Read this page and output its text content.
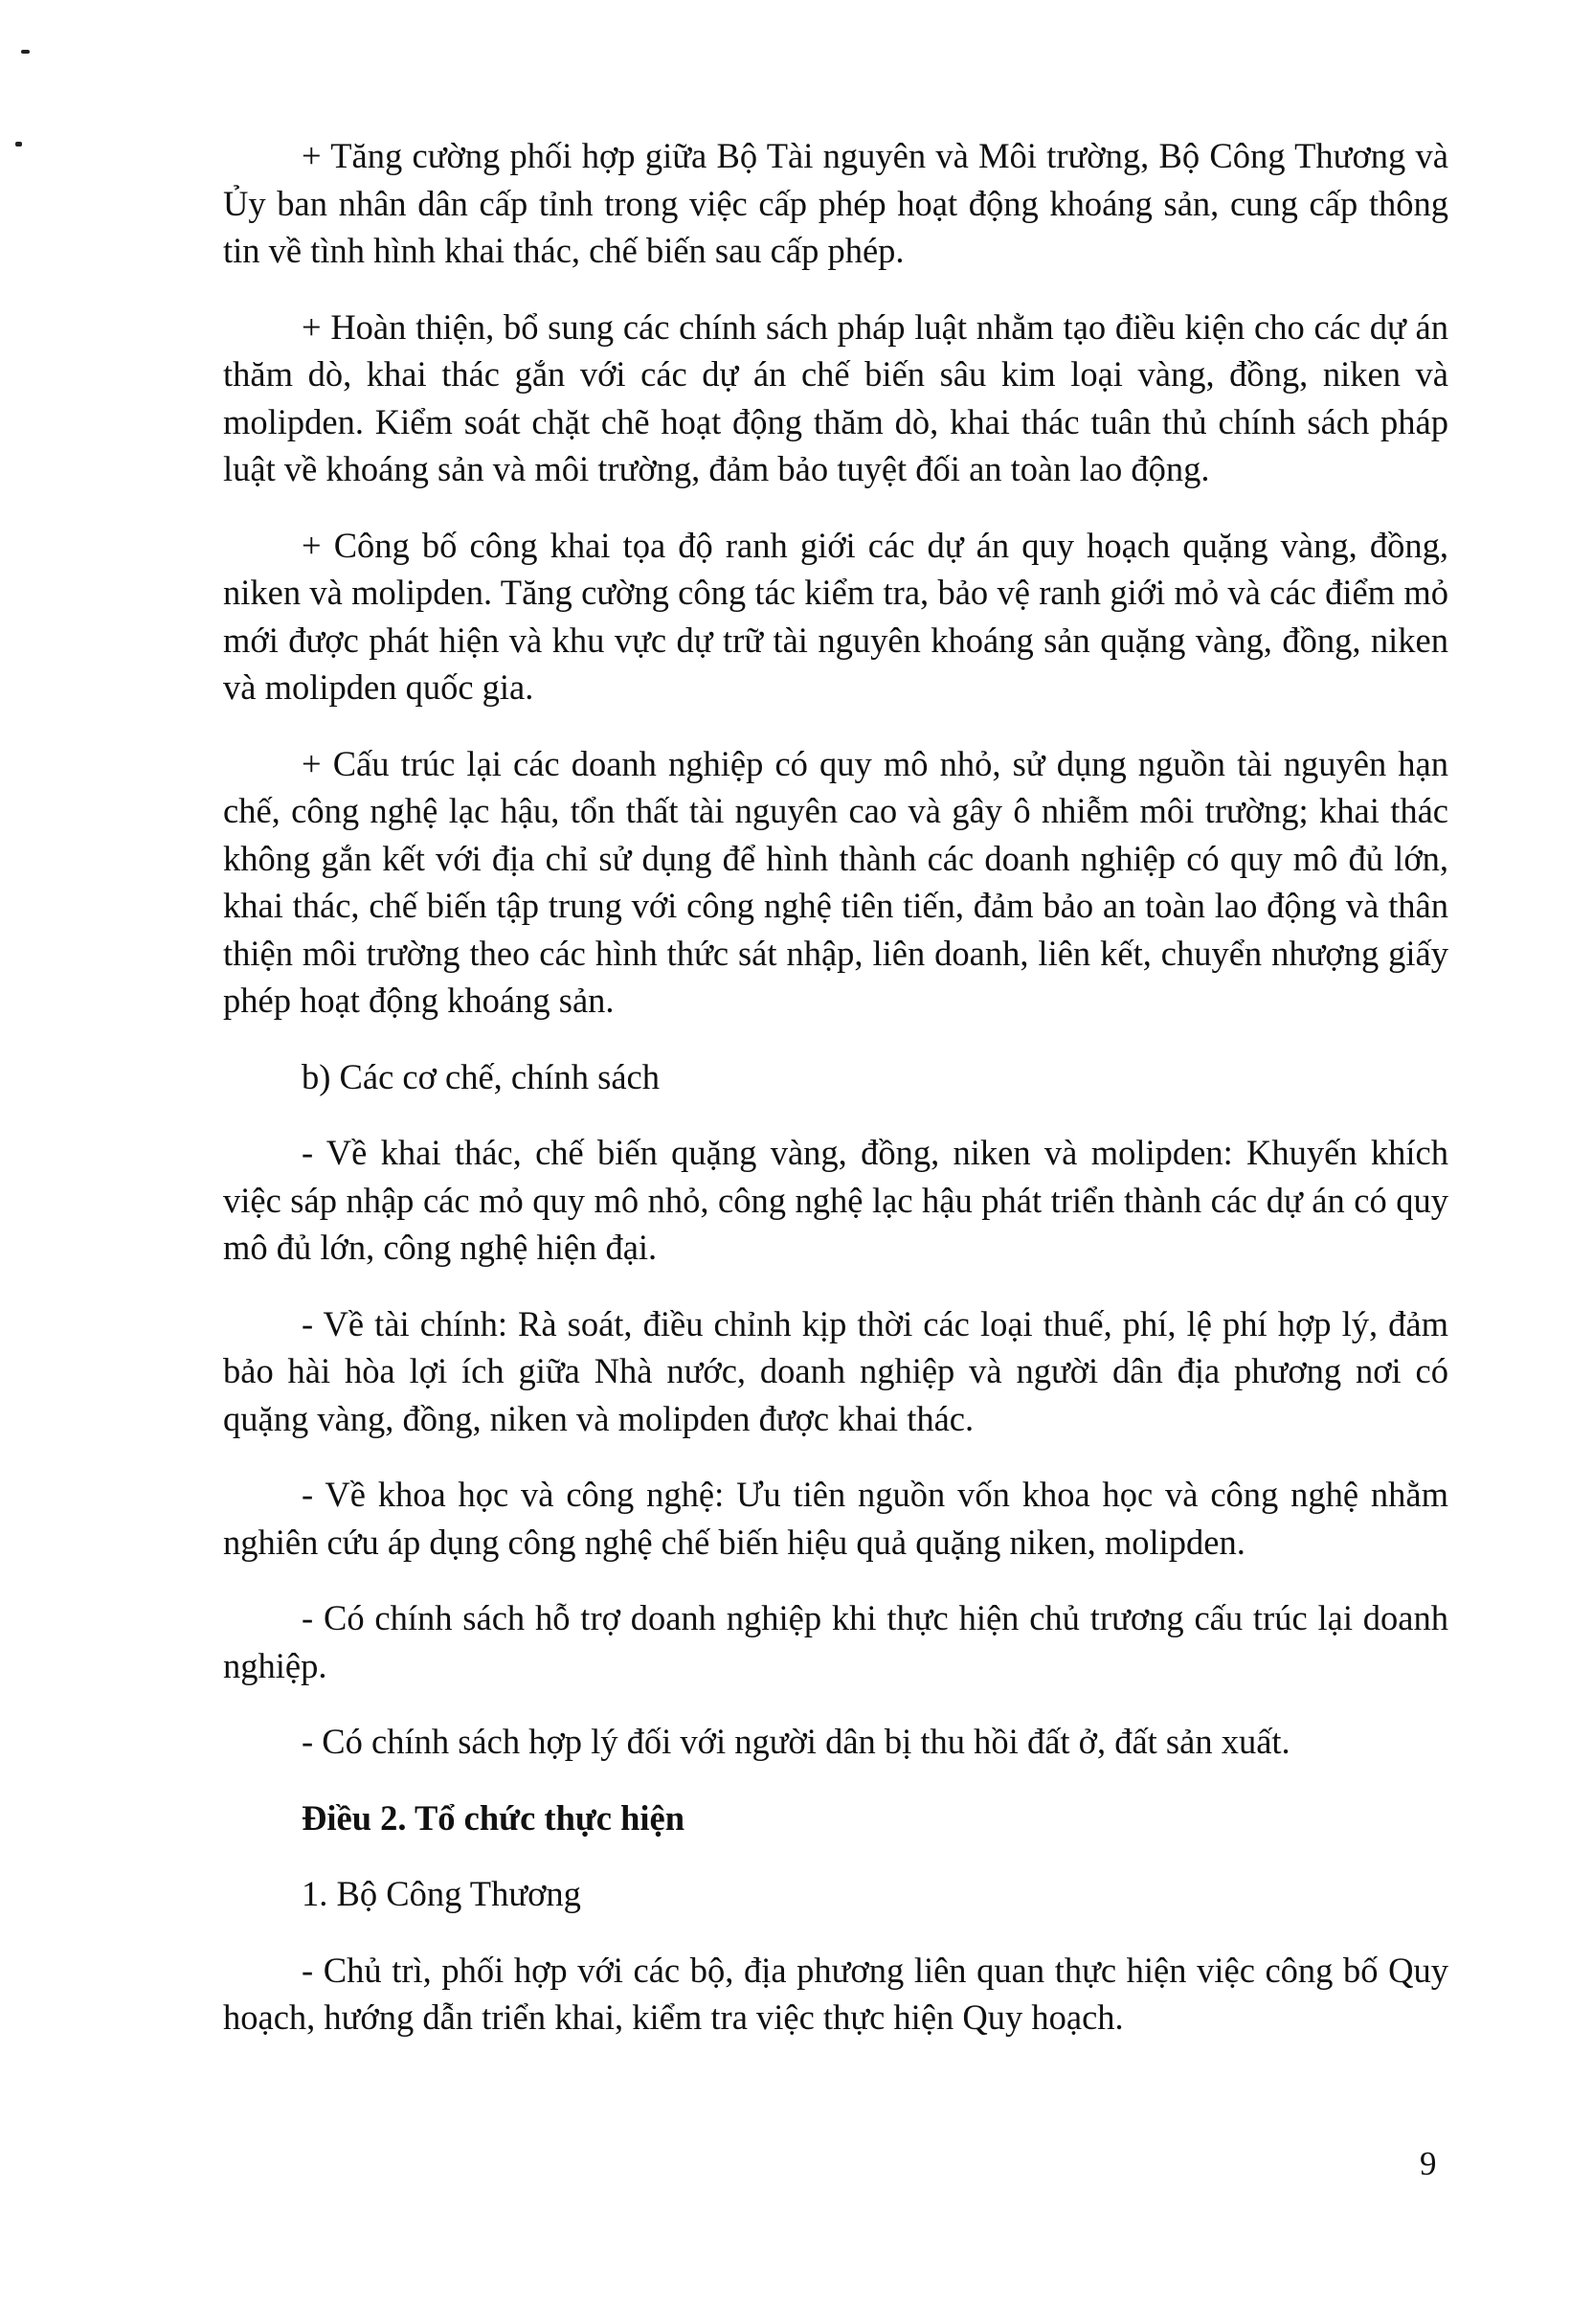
+ Tăng cường phối hợp giữa Bộ Tài nguyên và Môi trường, Bộ Công Thương và Ủy ban nhân dân cấp tỉnh trong việc cấp phép hoạt động khoáng sản, cung cấp thông tin về tình hình khai thác, chế biến sau cấp phép.

+ Hoàn thiện, bổ sung các chính sách pháp luật nhằm tạo điều kiện cho các dự án thăm dò, khai thác gắn với các dự án chế biến sâu kim loại vàng, đồng, niken và molipden. Kiểm soát chặt chẽ hoạt động thăm dò, khai thác tuân thủ chính sách pháp luật về khoáng sản và môi trường, đảm bảo tuyệt đối an toàn lao động.

+ Công bố công khai tọa độ ranh giới các dự án quy hoạch quặng vàng, đồng, niken và molipden. Tăng cường công tác kiểm tra, bảo vệ ranh giới mỏ và các điểm mỏ mới được phát hiện và khu vực dự trữ tài nguyên khoáng sản quặng vàng, đồng, niken và molipden quốc gia.

+ Cấu trúc lại các doanh nghiệp có quy mô nhỏ, sử dụng nguồn tài nguyên hạn chế, công nghệ lạc hậu, tổn thất tài nguyên cao và gây ô nhiễm môi trường; khai thác không gắn kết với địa chỉ sử dụng để hình thành các doanh nghiệp có quy mô đủ lớn, khai thác, chế biến tập trung với công nghệ tiên tiến, đảm bảo an toàn lao động và thân thiện môi trường theo các hình thức sát nhập, liên doanh, liên kết, chuyển nhượng giấy phép hoạt động khoáng sản.

b) Các cơ chế, chính sách

- Về khai thác, chế biến quặng vàng, đồng, niken và molipden: Khuyến khích việc sáp nhập các mỏ quy mô nhỏ, công nghệ lạc hậu phát triển thành các dự án có quy mô đủ lớn, công nghệ hiện đại.

- Về tài chính: Rà soát, điều chỉnh kịp thời các loại thuế, phí, lệ phí hợp lý, đảm bảo hài hòa lợi ích giữa Nhà nước, doanh nghiệp và người dân địa phương nơi có quặng vàng, đồng, niken và molipden được khai thác.

- Về khoa học và công nghệ: Ưu tiên nguồn vốn khoa học và công nghệ nhằm nghiên cứu áp dụng công nghệ chế biến hiệu quả quặng niken, molipden.

- Có chính sách hỗ trợ doanh nghiệp khi thực hiện chủ trương cấu trúc lại doanh nghiệp.

- Có chính sách hợp lý đối với người dân bị thu hồi đất ở, đất sản xuất.

Điều 2. Tổ chức thực hiện

1. Bộ Công Thương

- Chủ trì, phối hợp với các bộ, địa phương liên quan thực hiện việc công bố Quy hoạch, hướng dẫn triển khai, kiểm tra việc thực hiện Quy hoạch.

9
